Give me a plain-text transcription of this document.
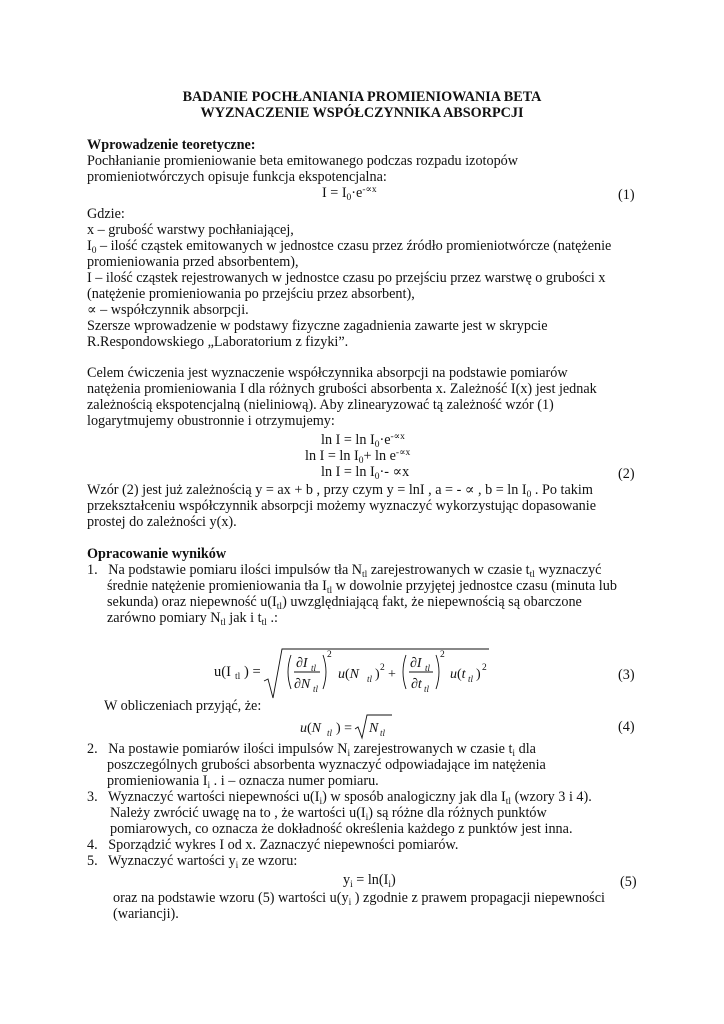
BADANIE POCHŁANIANIA PROMIENIOWANIA BETA
WYZNACZENIE WSPÓŁCZYNNIKA ABSORPCJI
Wprowadzenie teoretyczne:
Pochłanianie promieniowanie beta emitowanego podczas rozpadu izotopów
promieniotwórczych opisuje funkcja ekspotencjalna:
$I = I_0\cdot e^{-\propto x}$	(1)
Gdzie:
x – grubość warstwy pochłaniającej,
$I_0$ – ilość cząstek emitowanych w jednostce czasu przez źródło promieniotwórcze (natężenie
promieniowania przed absorbentem),
I – ilość cząstek rejestrowanych w jednostce czasu po przejściu przez warstwę o grubości x
(natężenie promieniowania po przejściu przez absorbent),
∝ – współczynnik absorpcji.
Szersze wprowadzenie w podstawy fizyczne zagadnienia zawarte jest w skrypcie
R.Respondowskiego „Laboratorium z fizyki”.
Celem ćwiczenia jest wyznaczenie współczynnika absorpcji na podstawie pomiarów
natężenia promieniowania I dla różnych grubości absorbenta x. Zależność I(x) jest jednak
zależnością ekspotencjalną (nieliniową). Aby zlinearyzować tą zależność wzór (1)
logarytmujemy obustronnie i otrzymujemy:
$\ln I = \ln I_0\cdot e^{-\propto x}$
$\ln I = \ln I_0+ \ln e^{-\propto x}$
$\ln I = \ln I_0\cdot- \propto x$	(2)
Wzór (2) jest już zależnością y = ax + b , przy czym y = lnI , a = - ∝ , $b = \ln I_0$ . Po takim
przekształceniu współczynnik absorpcji możemy wyznaczyć wykorzystując dopasowanie
prostej do zależności y(x).
Opracowanie wyników
1.   Na podstawie pomiaru ilości impulsów tła $N_{tl}$ zarejestrowanych w czasie $t_{tl}$ wyznaczyć
średnie natężenie promieniowania tła $I_{tl}$ w dowolnie przyjętej jednostce czasu (minuta lub
sekunda) oraz niepewność $u(I_{tl})$ uwzględniającą fakt, że niepewnością są obarczone
zarówno pomiary $N_{tl}$ jak i $t_{tl}$ .:
u(I tl ) =
∂I tl
∂N tl
2
u(N tl ) 2 +
∂I tl
∂t tl
2
u(t tl ) 2	(3)
W obliczeniach przyjąć, że:
u(N tl ) = N tl	(4)
2.   Na postawie pomiarów ilości impulsów $N_i$ zarejestrowanych w czasie $t_i$ dla
poszczególnych grubości absorbenta wyznaczyć odpowiadające im natężenia
promieniowania $I_i$ . i – oznacza numer pomiaru.
3.   Wyznaczyć wartości niepewności $u(I_i)$ w sposób analogiczny jak dla $I_{tl}$ (wzory 3 i 4).
Należy zwrócić uwagę na to , że wartości $u(I_i)$ są różne dla różnych punktów
pomiarowych, co oznacza że dokładność określenia każdego z punktów jest inna.
4.   Sporządzić wykres I od x. Zaznaczyć niepewności pomiarów.
5.   Wyznaczyć wartości $y_i$ ze wzoru:
$y_i = \ln(I_i)$	(5)
oraz na podstawie wzoru (5) wartości $u(y_i$ ) zgodnie z prawem propagacji niepewności
(wariancji).
